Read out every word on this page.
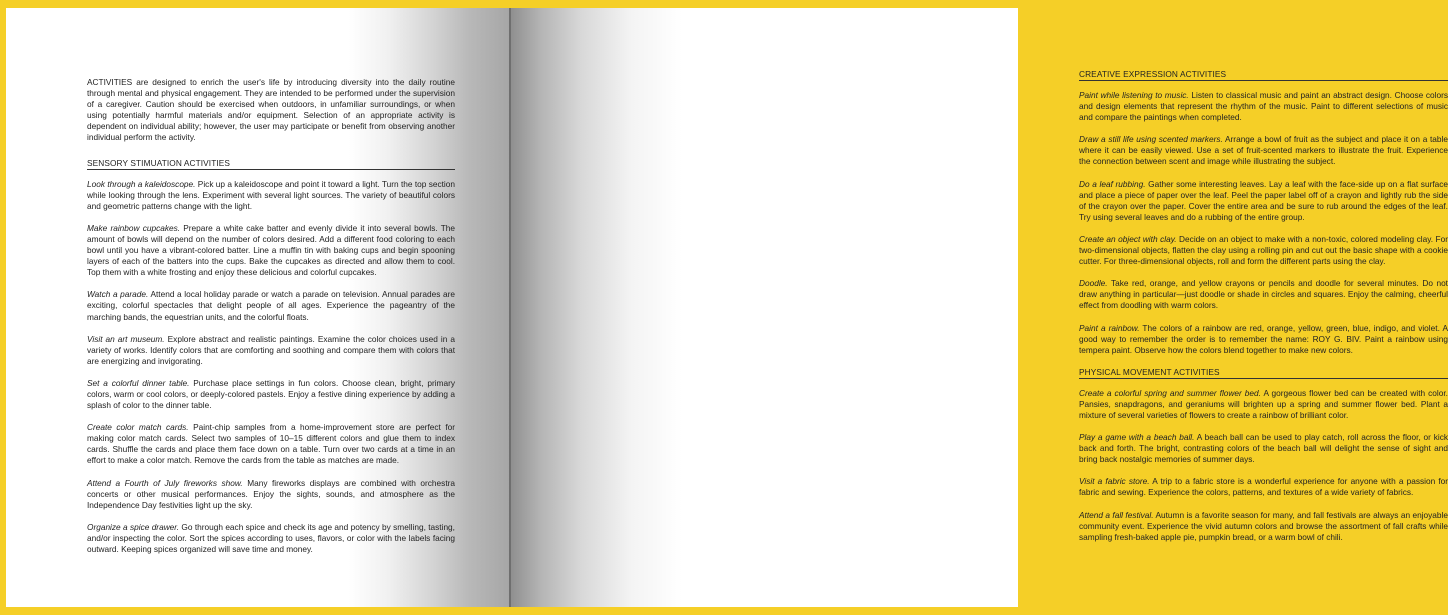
ACTIVITIES are designed to enrich the user's life by introducing diversity into the daily routine through mental and physical engagement. They are intended to be performed under the supervision of a caregiver. Caution should be exercised when outdoors, in unfamiliar surroundings, or when using potentially harmful materials and/or equipment. Selection of an appropriate activity is dependent on individual ability; however, the user may participate or benefit from observing another individual perform the activity.

SENSORY STIMUATION ACTIVITIES

Look through a kaleidoscope. Pick up a kaleidoscope and point it toward a light. Turn the top section while looking through the lens. Experiment with several light sources. The variety of beautiful colors and geometric patterns change with the light.

Make rainbow cupcakes. Prepare a white cake batter and evenly divide it into several bowls. The amount of bowls will depend on the number of colors desired. Add a different food coloring to each bowl until you have a vibrant-colored batter. Line a muffin tin with baking cups and begin spooning layers of each of the batters into the cups. Bake the cupcakes as directed and allow them to cool. Top them with a white frosting and enjoy these delicious and colorful cupcakes.

Watch a parade. Attend a local holiday parade or watch a parade on television. Annual parades are exciting, colorful spectacles that delight people of all ages. Experience the pageantry of the marching bands, the equestrian units, and the colorful floats.

Visit an art museum. Explore abstract and realistic paintings. Examine the color choices used in a variety of works. Identify colors that are comforting and soothing and compare them with colors that are energizing and invigorating.

Set a colorful dinner table. Purchase place settings in fun colors. Choose clean, bright, primary colors, warm or cool colors, or deeply-colored pastels. Enjoy a festive dining experience by adding a splash of color to the dinner table.

Create color match cards. Paint-chip samples from a home-improvement store are perfect for making color match cards. Select two samples of 10–15 different colors and glue them to index cards. Shuffle the cards and place them face down on a table. Turn over two cards at a time in an effort to make a color match. Remove the cards from the table as matches are made.

Attend a Fourth of July fireworks show. Many fireworks displays are combined with orchestra concerts or other musical performances. Enjoy the sights, sounds, and atmosphere as the Independence Day festivities light up the sky.

Organize a spice drawer. Go through each spice and check its age and potency by smelling, tasting, and/or inspecting the color. Sort the spices according to uses, flavors, or color with the labels facing outward. Keeping spices organized will save time and money.

CREATIVE EXPRESSION ACTIVITIES

Paint while listening to music. Listen to classical music and paint an abstract design. Choose colors and design elements that represent the rhythm of the music. Paint to different selections of music and compare the paintings when completed.

Draw a still life using scented markers. Arrange a bowl of fruit as the subject and place it on a table where it can be easily viewed. Use a set of fruit-scented markers to illustrate the fruit. Experience the connection between scent and image while illustrating the subject.

Do a leaf rubbing. Gather some interesting leaves. Lay a leaf with the face-side up on a flat surface and place a piece of paper over the leaf. Peel the paper label off of a crayon and lightly rub the side of the crayon over the paper. Cover the entire area and be sure to rub around the edges of the leaf. Try using several leaves and do a rubbing of the entire group.

Create an object with clay. Decide on an object to make with a non-toxic, colored modeling clay. For two-dimensional objects, flatten the clay using a rolling pin and cut out the basic shape with a cookie cutter. For three-dimensional objects, roll and form the different parts using the clay.

Doodle. Take red, orange, and yellow crayons or pencils and doodle for several minutes. Do not draw anything in particular—just doodle or shade in circles and squares. Enjoy the calming, cheerful effect from doodling with warm colors.

Paint a rainbow. The colors of a rainbow are red, orange, yellow, green, blue, indigo, and violet. A good way to remember the order is to remember the name: ROY G. BIV. Paint a rainbow using tempera paint. Observe how the colors blend together to make new colors.

PHYSICAL MOVEMENT ACTIVITIES

Create a colorful spring and summer flower bed. A gorgeous flower bed can be created with color. Pansies, snapdragons, and geraniums will brighten up a spring and summer flower bed. Plant a mixture of several varieties of flowers to create a rainbow of brilliant color.

Play a game with a beach ball. A beach ball can be used to play catch, roll across the floor, or kick back and forth. The bright, contrasting colors of the beach ball will delight the sense of sight and bring back nostalgic memories of summer days.

Visit a fabric store. A trip to a fabric store is a wonderful experience for anyone with a passion for fabric and sewing. Experience the colors, patterns, and textures of a wide variety of fabrics.

Attend a fall festival. Autumn is a favorite season for many, and fall festivals are always an enjoyable community event. Experience the vivid autumn colors and browse the assortment of fall crafts while sampling fresh-baked apple pie, pumpkin bread, or a warm bowl of chili.
